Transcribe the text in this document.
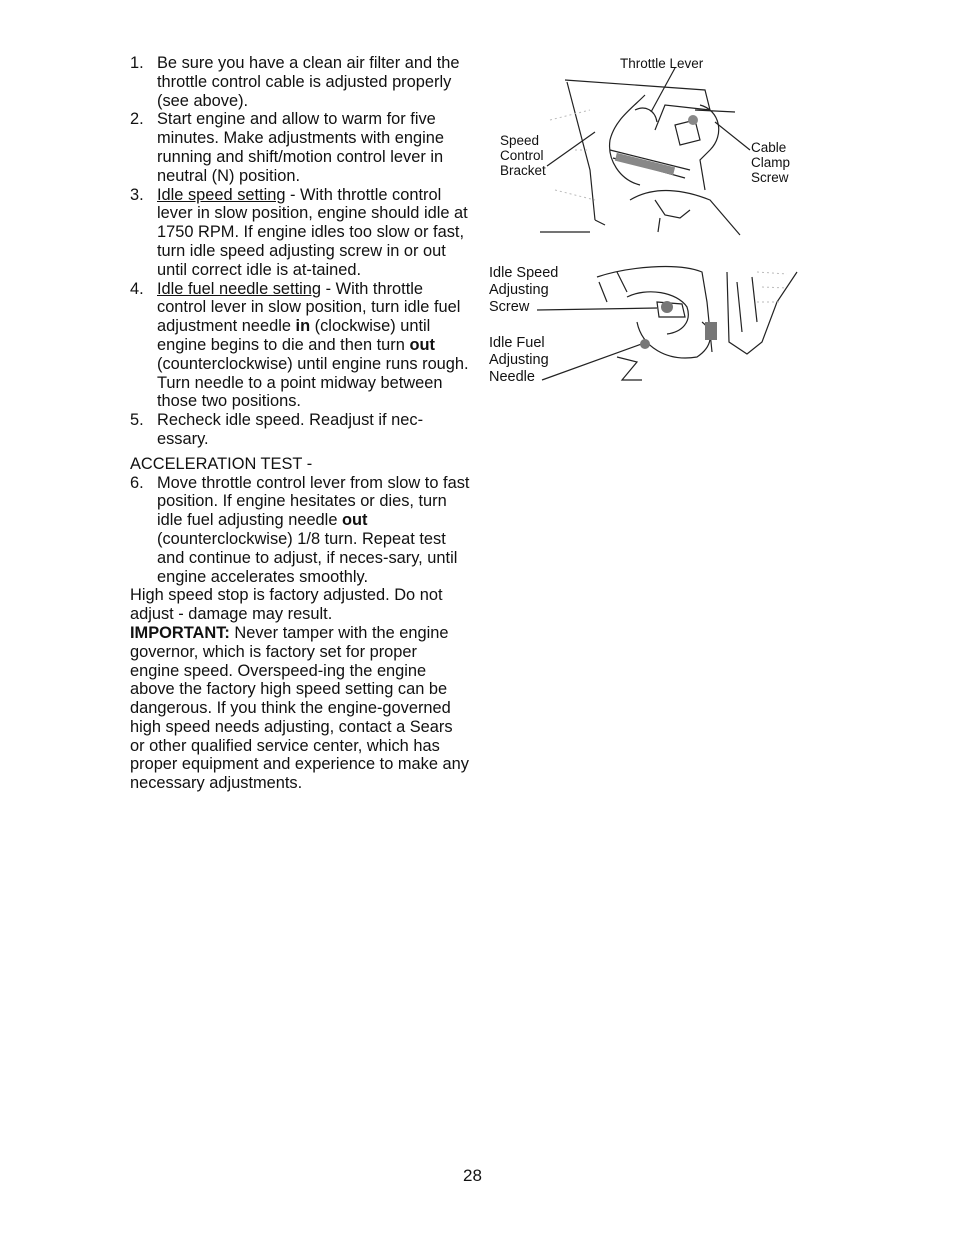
1. Be sure you have a clean air filter and the throttle control cable is adjusted properly (see above).
2. Start engine and allow to warm for five minutes. Make adjustments with engine running and shift/motion control lever in neutral (N) position.
3. Idle speed setting - With throttle control lever in slow position, engine should idle at 1750 RPM. If engine idles too slow or fast, turn idle speed adjusting screw in or out until correct idle is at-tained.
4. Idle fuel needle setting - With throttle control lever in slow position, turn idle fuel adjustment needle in (clockwise) until engine begins to die and then turn out (counterclockwise) until engine runs rough. Turn needle to a point midway between those two positions.
5. Recheck idle speed. Readjust if nec-essary.

ACCELERATION TEST -

6. Move throttle control lever from slow to fast position. If engine hesitates or dies, turn idle fuel adjusting needle out (counterclockwise) 1/8 turn. Repeat test and continue to adjust, if neces-sary, until engine accelerates smoothly.

High speed stop is factory adjusted. Do not adjust - damage may result.

IMPORTANT: Never tamper with the engine governor, which is factory set for proper engine speed. Overspeed-ing the engine above the factory high speed setting can be dangerous. If you think the engine-governed high speed needs adjusting, contact a Sears or other qualified service center, which has proper equipment and experience to make any necessary adjustments.

Throttle Lever
Speed
Control
Bracket
Cable
Clamp
Screw
Idle Speed
Adjusting
Screw
Idle Fuel
Adjusting
Needle
28
